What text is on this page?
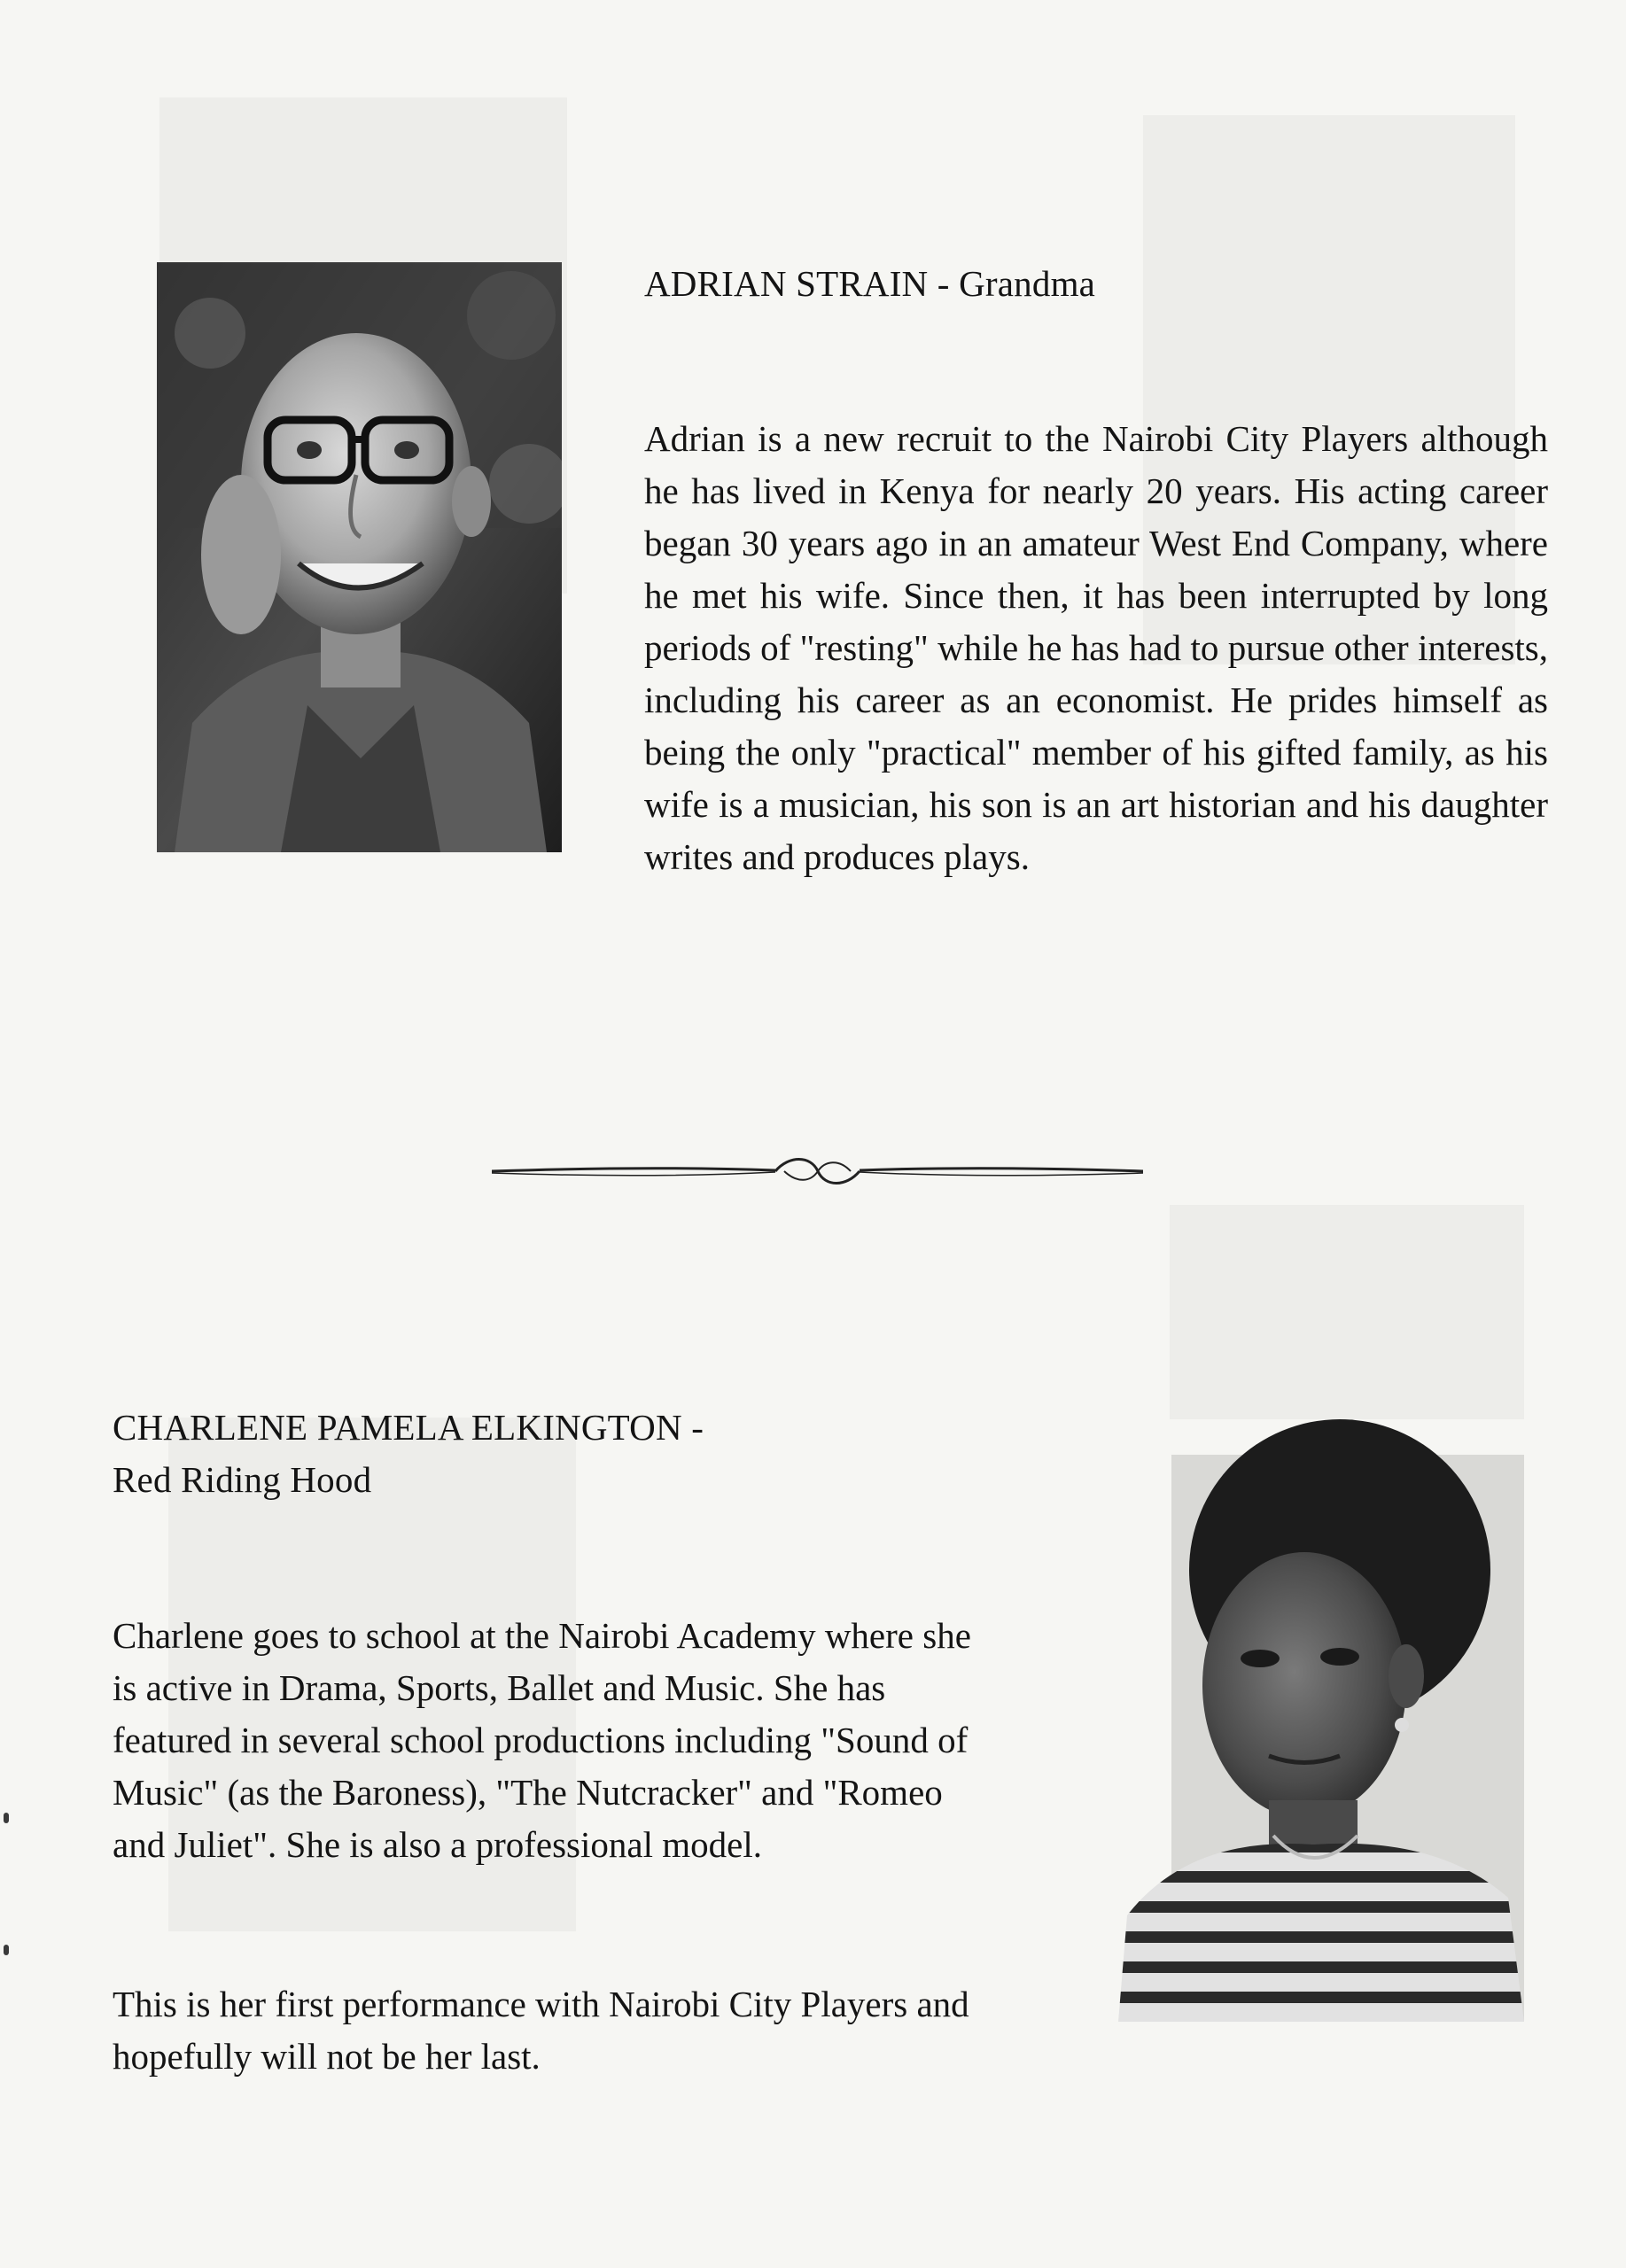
ADRIAN STRAIN - Grandma

Adrian is a new recruit to the Nairobi City Players although he has lived in Kenya for nearly 20 years. His acting career began 30 years ago in an amateur West End Company, where he met his wife. Since then, it has been interrupted by long periods of "resting" while he has had to pursue other interests, including his career as an economist. He prides himself as being the only "practical" member of his gifted family, as his wife is a musician, his son is an art historian and his daughter writes and produces plays.

CHARLENE PAMELA ELKINGTON -
Red Riding Hood

Charlene goes to school at the Nairobi Academy where she is active in Drama, Sports, Ballet and Music. She has featured in several school productions including "Sound of Music" (as the Baroness), "The Nutcracker" and "Romeo and Juliet". She is also a professional model.

This is her first performance with Nairobi City Players and hopefully will not be her last.
